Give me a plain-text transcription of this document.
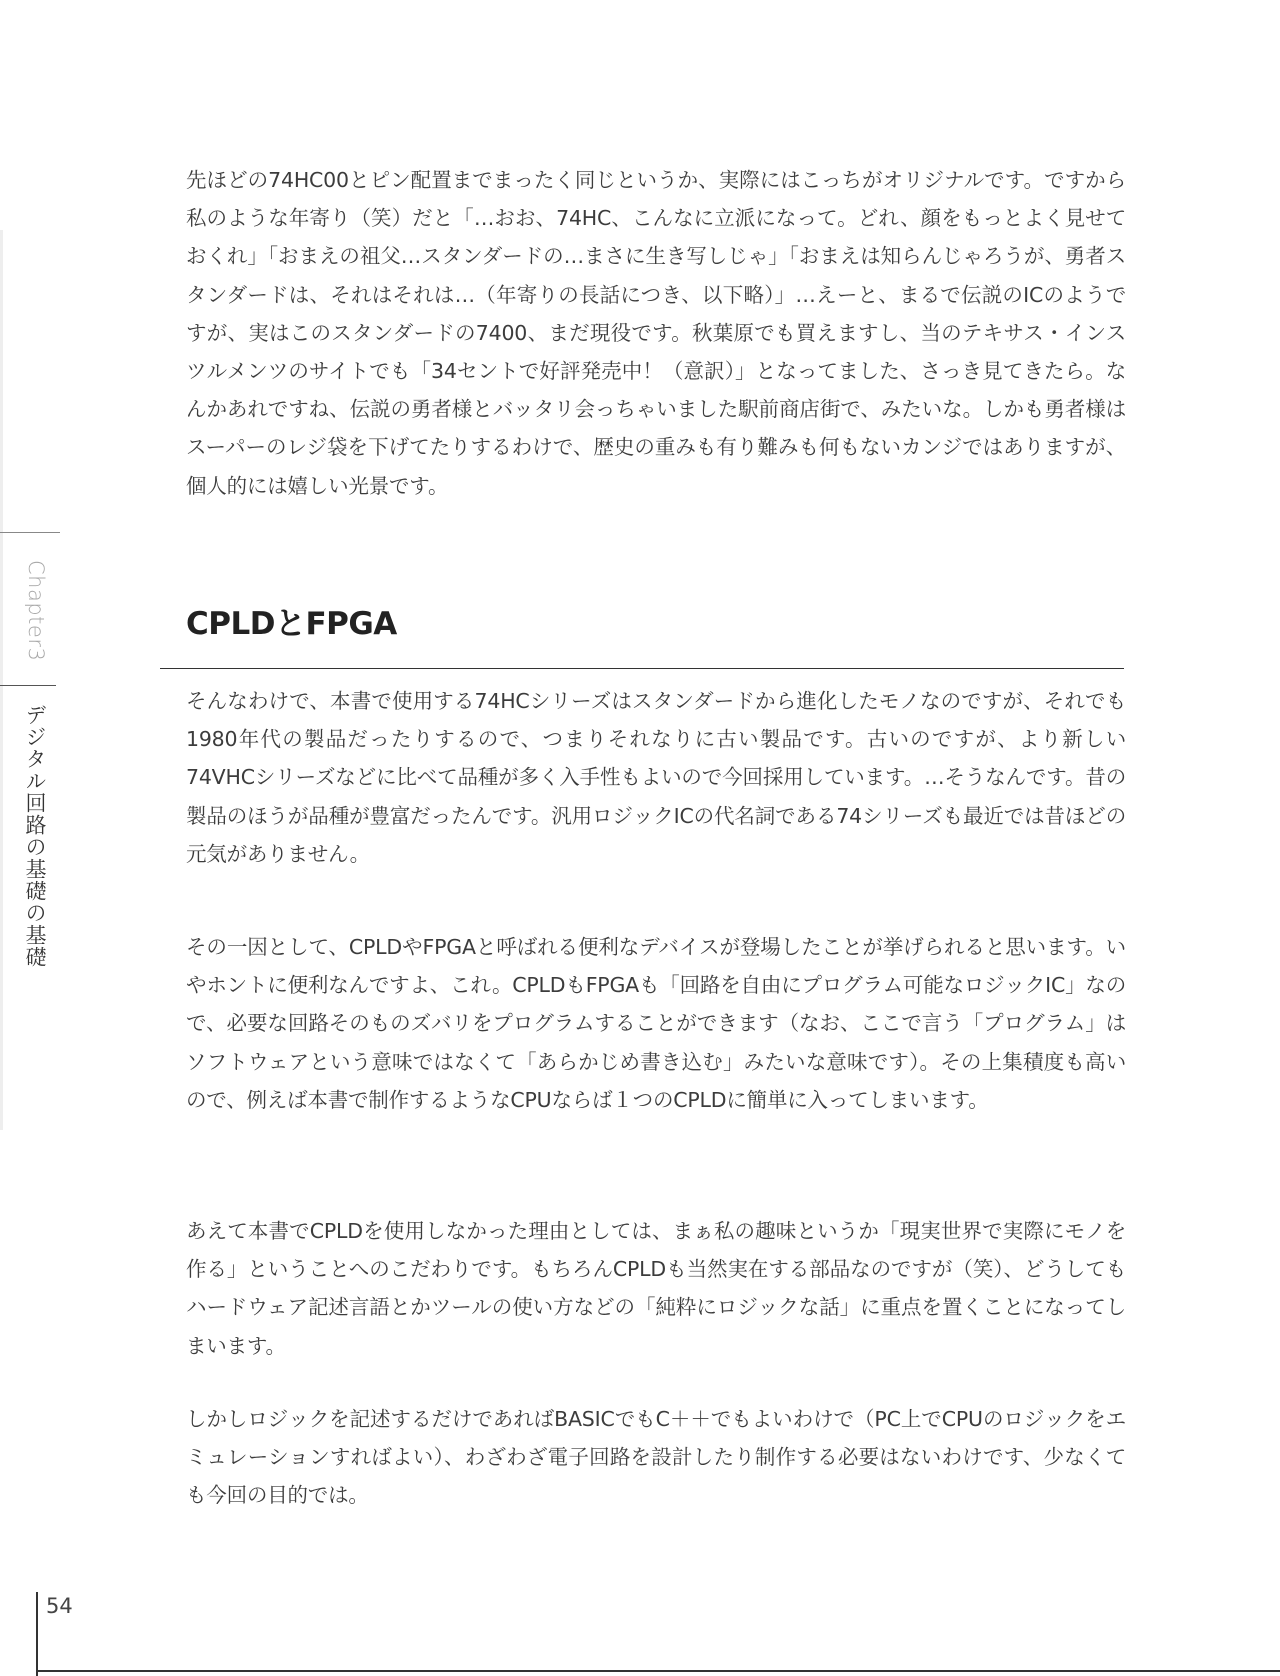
先ほどの74HC00とピン配置までまったく同じというか、実際にはこっちがオリジナルです。ですから私のような年寄り（笑）だと「…おお、74HC、こんなに立派になって。どれ、顔をもっとよく見せておくれ」「おまえの祖父…スタンダードの…まさに生き写しじゃ」「おまえは知らんじゃろうが、勇者スタンダードは、それはそれは…（年寄りの長話につき、以下略）」…えーと、まるで伝説のICのようですが、実はこのスタンダードの7400、まだ現役です。秋葉原でも買えますし、当のテキサス・インスツルメンツのサイトでも「34セントで好評発売中！（意訳）」となってました、さっき見てきたら。なんかあれですね、伝説の勇者様とバッタリ会っちゃいました駅前商店街で、みたいな。しかも勇者様はスーパーのレジ袋を下げてたりするわけで、歴史の重みも有り難みも何もないカンジではありますが、個人的には嬉しい光景です。

CPLDとFPGA

そんなわけで、本書で使用する74HCシリーズはスタンダードから進化したモノなのですが、それでも1980年代の製品だったりするので、つまりそれなりに古い製品です。古いのですが、より新しい74VHCシリーズなどに比べて品種が多く入手性もよいので今回採用しています。…そうなんです。昔の製品のほうが品種が豊富だったんです。汎用ロジックICの代名詞である74シリーズも最近では昔ほどの元気がありません。

その一因として、CPLDやFPGAと呼ばれる便利なデバイスが登場したことが挙げられると思います。いやホントに便利なんですよ、これ。CPLDもFPGAも「回路を自由にプログラム可能なロジックIC」なので、必要な回路そのものズバリをプログラムすることができます（なお、ここで言う「プログラム」はソフトウェアという意味ではなくて「あらかじめ書き込む」みたいな意味です）。その上集積度も高いので、例えば本書で制作するようなCPUならば１つのCPLDに簡単に入ってしまいます。

あえて本書でCPLDを使用しなかった理由としては、まぁ私の趣味というか「現実世界で実際にモノを作る」ということへのこだわりです。もちろんCPLDも当然実在する部品なのですが（笑）、どうしてもハードウェア記述言語とかツールの使い方などの「純粋にロジックな話」に重点を置くことになってしまいます。

しかしロジックを記述するだけであればBASICでもC＋＋でもよいわけで（PC上でCPUのロジックをエミュレーションすればよい）、わざわざ電子回路を設計したり制作する必要はないわけです、少なくても今回の目的では。

Chapter3
デジタル回路の基礎の基礎
54
